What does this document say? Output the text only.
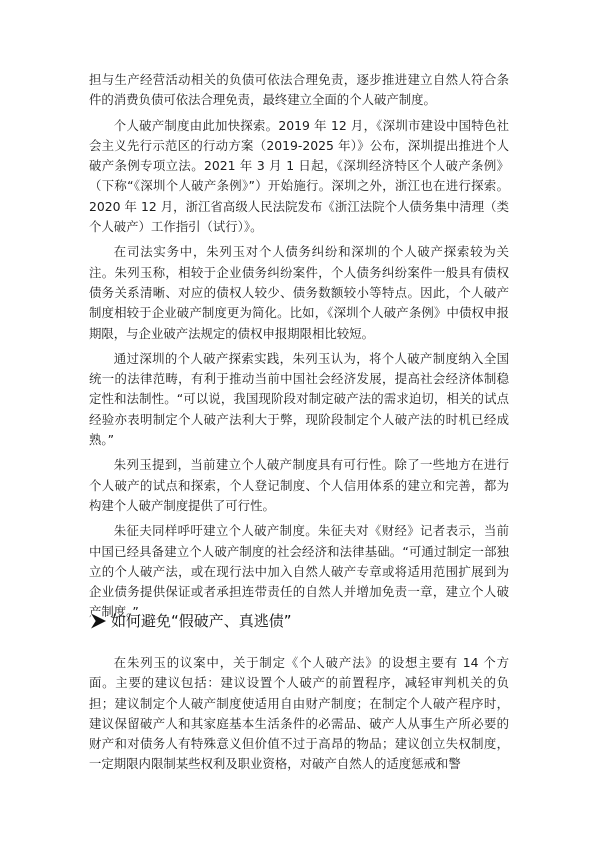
担与生产经营活动相关的负债可依法合理免责，逐步推进建立自然人符合条件的消费负债可依法合理免责，最终建立全面的个人破产制度。

个人破产制度由此加快探索。2019 年 12 月，《深圳市建设中国特色社会主义先行示范区的行动方案（2019-2025 年）》公布，深圳提出推进个人破产条例专项立法。2021 年 3 月 1 日起，《深圳经济特区个人破产条例》（下称“《深圳个人破产条例》”）开始施行。深圳之外，浙江也在进行探索。2020 年 12 月，浙江省高级人民法院发布《浙江法院个人债务集中清理（类个人破产）工作指引（试行）》。

在司法实务中，朱列玉对个人债务纠纷和深圳的个人破产探索较为关注。朱列玉称，相较于企业债务纠纷案件，个人债务纠纷案件一般具有债权债务关系清晰、对应的债权人较少、债务数额较小等特点。因此，个人破产制度相较于企业破产制度更为简化。比如，《深圳个人破产条例》中债权申报期限，与企业破产法规定的债权申报期限相比较短。

通过深圳的个人破产探索实践，朱列玉认为，将个人破产制度纳入全国统一的法律范畴，有利于推动当前中国社会经济发展，提高社会经济体制稳定性和法制性。“可以说，我国现阶段对制定破产法的需求迫切，相关的试点经验亦表明制定个人破产法利大于弊，现阶段制定个人破产法的时机已经成熟。”

朱列玉提到，当前建立个人破产制度具有可行性。除了一些地方在进行个人破产的试点和探索，个人登记制度、个人信用体系的建立和完善，都为构建个人破产制度提供了可行性。

朱征夫同样呼吁建立个人破产制度。朱征夫对《财经》记者表示，当前中国已经具备建立个人破产制度的社会经济和法律基础。“可通过制定一部独立的个人破产法，或在现行法中加入自然人破产专章或将适用范围扩展到为企业债务提供保证或者承担连带责任的自然人并增加免责一章，建立个人破产制度。”

如何避免“假破产、真逃债”

在朱列玉的议案中，关于制定《个人破产法》的设想主要有 14 个方面。主要的建议包括：建议设置个人破产的前置程序，减轻审判机关的负担；建议制定个人破产制度使适用自由财产制度；在制定个人破产程序时，建议保留破产人和其家庭基本生活条件的必需品、破产人从事生产所必要的财产和对债务人有特殊意义但价值不过于高昂的物品；建议创立失权制度，一定期限内限制某些权利及职业资格，对破产自然人的适度惩戒和警
